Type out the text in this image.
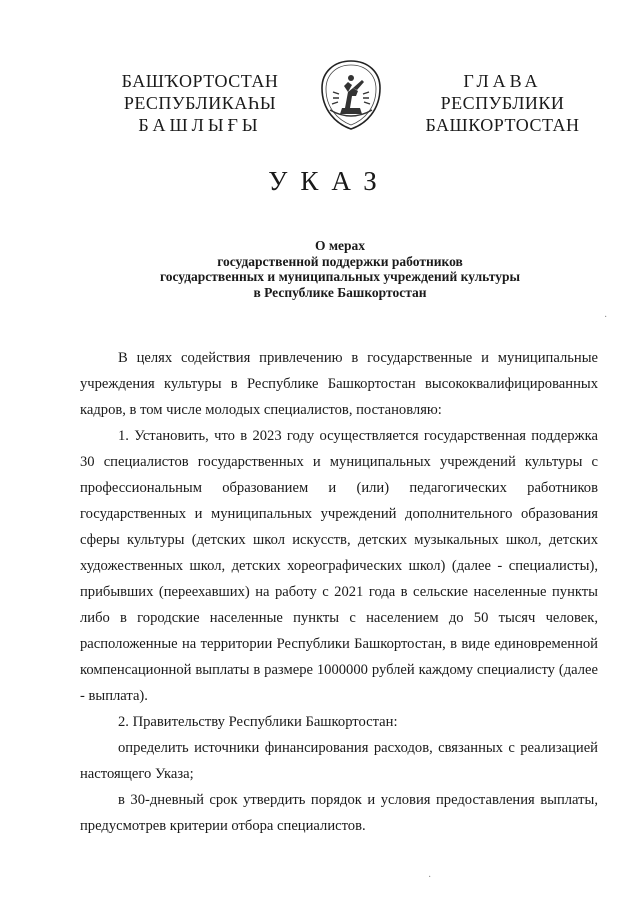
БАШҠОРТОСТАН
РЕСПУБЛИКАҺЫ
БАШЛЫҒЫ
ГЛАВА
РЕСПУБЛИКИ
БАШКОРТОСТАН
УКАЗ
О мерах
государственной поддержки работников
государственных и муниципальных учреждений культуры
в Республике Башкортостан
·

В целях содействия привлечению в государственные и муниципальные учреждения культуры в Республике Башкортостан высококвалифицированных кадров, в том числе молодых специалистов, постановляю:

1. Установить, что в 2023 году осуществляется государственная поддержка 30 специалистов государственных и муниципальных учреждений культуры с профессиональным образованием и (или) педагогических работников государственных и муниципальных учреждений дополнительного образования сферы культуры (детских школ искусств, детских музыкальных школ, детских художественных школ, детских хореографических школ) (далее - специалисты), прибывших (переехавших) на работу с 2021 года в сельские населенные пункты либо в городские населенные пункты с населением до 50 тысяч человек, расположенные на территории Республики Башкортостан, в виде единовременной компенсационной выплаты в размере 1000000 рублей каждому специалисту (далее - выплата).

2. Правительству Республики Башкортостан:

определить источники финансирования расходов, связанных с реализацией настоящего Указа;

в 30-дневный срок утвердить порядок и условия предоставления выплаты, предусмотрев критерии отбора специалистов.

·
